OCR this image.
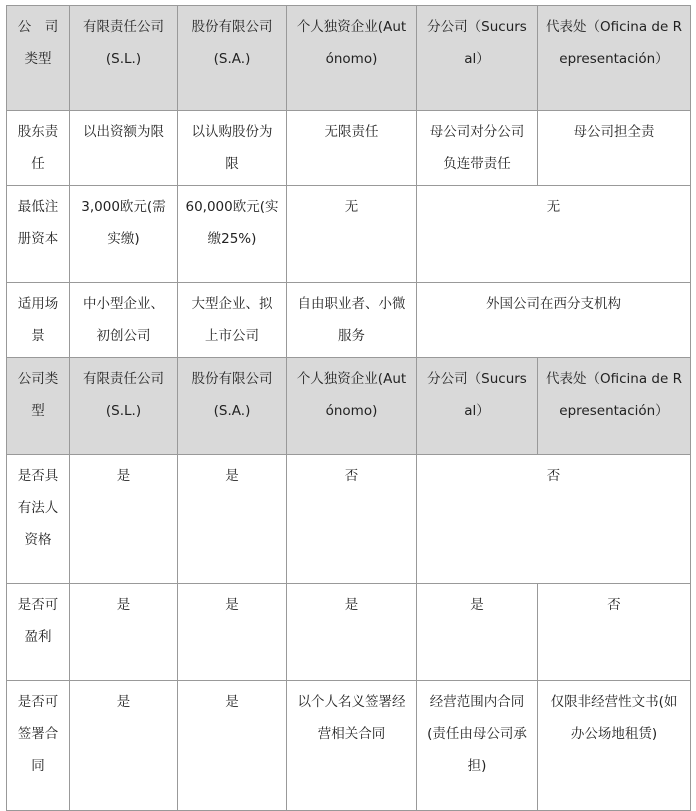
公　司类型	有限责任公司(S.L.)	股份有限公司(S.A.)	个人独资企业(Autónomo)	分公司（Sucursal）	代表处（Oficina de Representación）
股东责任	以出资额为限	以认购股份为限	无限责任	母公司对分公司负连带责任	母公司担全责
最低注册资本	3,000欧元(需实缴)	60,000欧元(实缴25%)	无	无	
适用场景	中小型企业、初创公司	大型企业、拟上市公司	自由职业者、小微服务	外国公司在西分支机构	
公司类型	有限责任公司(S.L.)	股份有限公司(S.A.)	个人独资企业(Autónomo)	分公司（Sucursal）	代表处（Oficina de Representación）
是否具有法人资格	是	是	否	否	
是否可盈利	是	是	是	是	否
是否可签署合同	是	是	以个人名义签署经营相关合同	经营范围内合同(责任由母公司承担)	仅限非经营性文书(如办公场地租赁)
